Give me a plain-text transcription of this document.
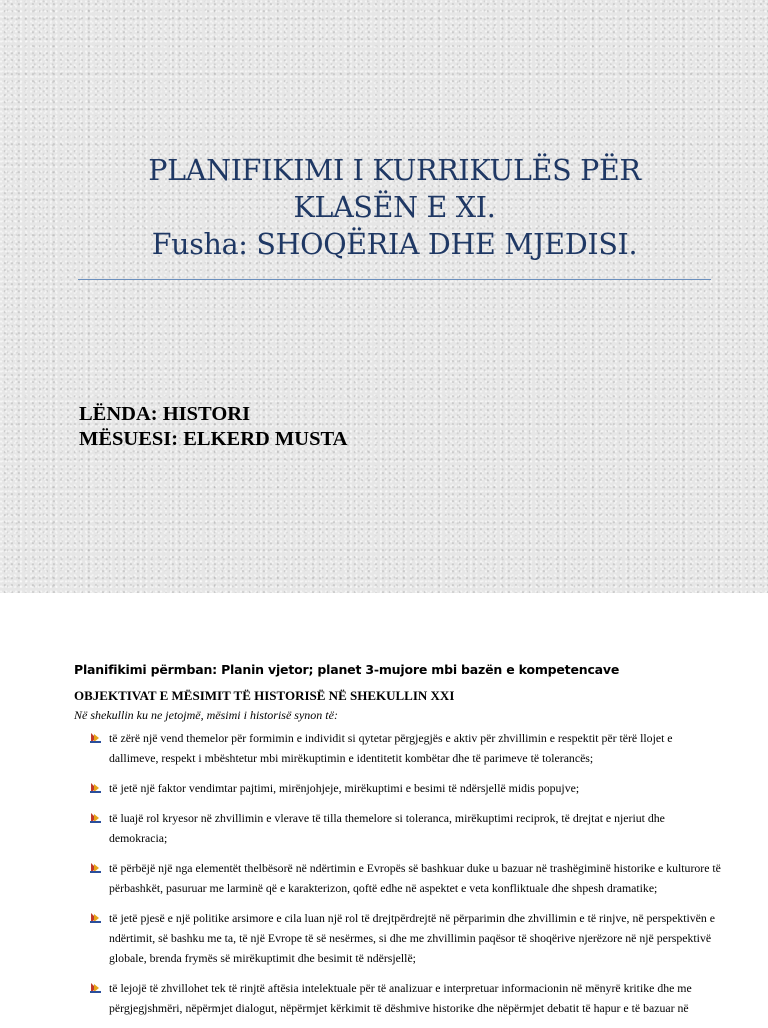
PLANIFIKIMI I KURRIKULËS PËR
KLASËN E XI.
Fusha: SHOQËRIA DHE MJEDISI.
LËNDA: HISTORI
MËSUESI: ELKERD MUSTA
Planifikimi përmban: Planin vjetor; planet 3-mujore mbi bazën e kompetencave
OBJEKTIVAT E MËSIMIT TË HISTORISË NË SHEKULLIN XXI
Në shekullin ku ne jetojmë, mësimi i historisë synon të:
të zërë një vend themelor për formimin e individit si qytetar përgjegjës e aktiv për zhvillimin e respektit për tërë llojet e
dallimeve, respekt i mbështetur mbi mirëkuptimin e identitetit kombëtar dhe të parimeve të tolerancës;
të jetë një faktor vendimtar pajtimi, mirënjohjeje, mirëkuptimi e besimi të ndërsjellë midis popujve;
të luajë rol kryesor në zhvillimin e vlerave të tilla themelore si toleranca, mirëkuptimi reciprok, të drejtat e njeriut dhe
demokracia;
të përbëjë një nga elementët thelbësorë në ndërtimin e Evropës së bashkuar duke u bazuar në trashëgiminë historike e kulturore të
përbashkët, pasuruar me larminë që e karakterizon, qoftë edhe në aspektet e veta konfliktuale dhe shpesh dramatike;
të jetë pjesë e një politike arsimore e cila luan një rol të drejtpërdrejtë në përparimin dhe zhvillimin e të rinjve, në perspektivën e
ndërtimit, së bashku me ta, të një Evrope të së nesërmes, si dhe me zhvillimin paqësor të shoqërive njerëzore në një perspektivë
globale, brenda frymës së mirëkuptimit dhe besimit të ndërsjellë;
të lejojë të zhvillohet tek të rinjtë aftësia intelektuale për të analizuar e interpretuar informacionin në mënyrë kritike dhe me
përgjegjshmëri, nëpërmjet dialogut, nëpërmjet kërkimit të dëshmive historike dhe nëpërmjet debatit të hapur e të bazuar në
